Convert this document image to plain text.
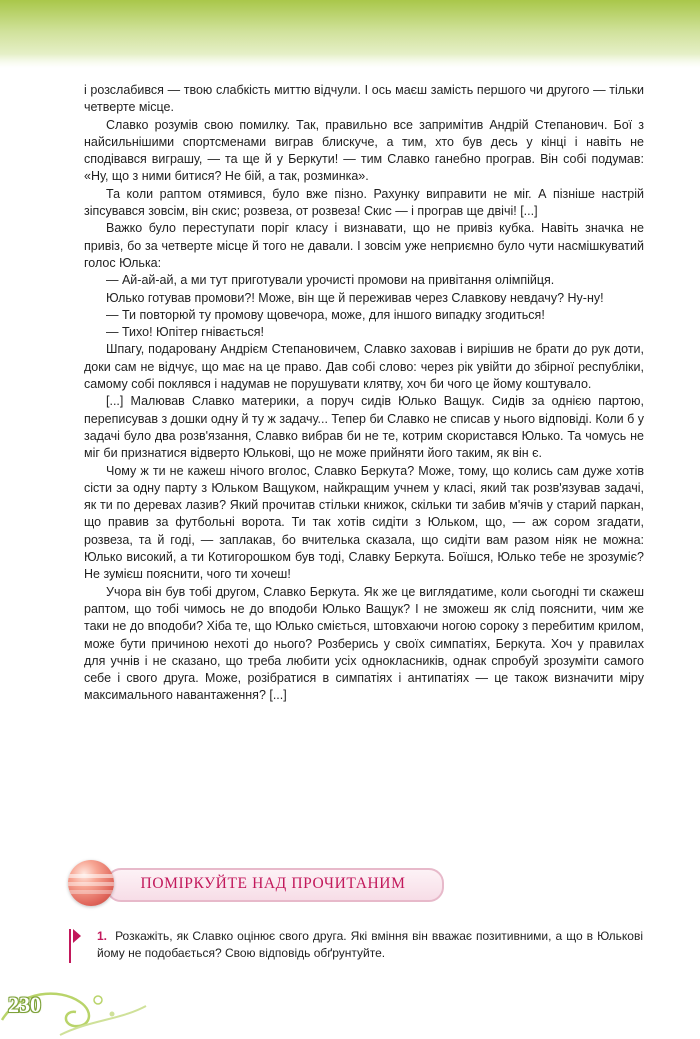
і розслабився — твою слабкість миттю відчули. І ось маєш замість першого чи другого — тільки четверте місце.

Славко розумів свою помилку. Так, правильно все запримітив Андрій Степанович. Бої з найсильнішими спортсменами виграв блискуче, а тим, хто був десь у кінці і навіть не сподівався виграшу, — та ще й у Беркути! — тим Славко ганебно програв. Він собі подумав: «Ну, що з ними битися? Не бій, а так, розминка».

Та коли раптом отямився, було вже пізно. Рахунку виправити не міг. А пізніше настрій зіпсувався зовсім, він скис; розвеза, от розвеза! Скис — і програв ще двічі! [...]

Важко було переступати поріг класу і визнавати, що не привіз кубка. Навіть значка не привіз, бо за четверте місце й того не давали. І зовсім уже неприємно було чути насмішкуватий голос Юлька:

— Ай-ай-ай, а ми тут приготували урочисті промови на привітання олімпійця.

Юлько готував промови?! Може, він ще й переживав через Славкову невдачу? Ну-ну!

— Ти повторюй ту промову щовечора, може, для іншого випадку згодиться!

— Тихо! Юпітер гнівається!

Шпагу, подаровану Андрієм Степановичем, Славко заховав і вирішив не брати до рук доти, доки сам не відчує, що має на це право. Дав собі слово: через рік увійти до збірної республіки, самому собі поклявся і надумав не порушувати клятву, хоч би чого це йому коштувало.

[...] Малював Славко материки, а поруч сидів Юлько Ващук. Сидів за однією партою, переписував з дошки одну й ту ж задачу... Тепер би Славко не списав у нього відповіді. Коли б у задачі було два розв'язання, Славко вибрав би не те, котрим скористався Юлько. Та чомусь не міг би признатися відверто Юлькові, що не може прийняти його таким, як він є.

Чому ж ти не кажеш нічого вголос, Славко Беркута? Може, тому, що колись сам дуже хотів сісти за одну парту з Юльком Ващуком, найкращим учнем у класі, який так розв'язував задачі, як ти по деревах лазив? Який прочитав стільки книжок, скільки ти забив м'ячів у старий паркан, що правив за футбольні ворота. Ти так хотів сидіти з Юльком, що, — аж сором згадати, розвеза, та й годі, — заплакав, бо вчителька сказала, що сидіти вам разом ніяк не можна: Юлько високий, а ти Котигорошком був тоді, Славку Беркута. Боїшся, Юлько тебе не зрозуміє? Не зумієш пояснити, чого ти хочеш!

Учора він був тобі другом, Славко Беркута. Як же це виглядатиме, коли сьогодні ти скажеш раптом, що тобі чимось не до вподоби Юлько Ващук? І не зможеш як слід пояснити, чим же таки не до вподоби? Хіба те, що Юлько сміється, штовхаючи ногою сороку з перебитим крилом, може бути причиною нехоті до нього? Розберись у своїх симпатіях, Беркута. Хоч у правилах для учнів і не сказано, що треба любити усіх однокласників, однак спробуй зрозуміти самого себе і свого друга. Може, розібратися в симпатіях і антипатіях — це також визначити міру максимального навантаження? [...]

ПОМІРКУЙТЕ НАД ПРОЧИТАНИМ
1. Розкажіть, як Славко оцінює свого друга. Які вміння він вважає позитивними, а що в Юлькові йому не подобається? Свою відповідь обґрунтуйте.
230
